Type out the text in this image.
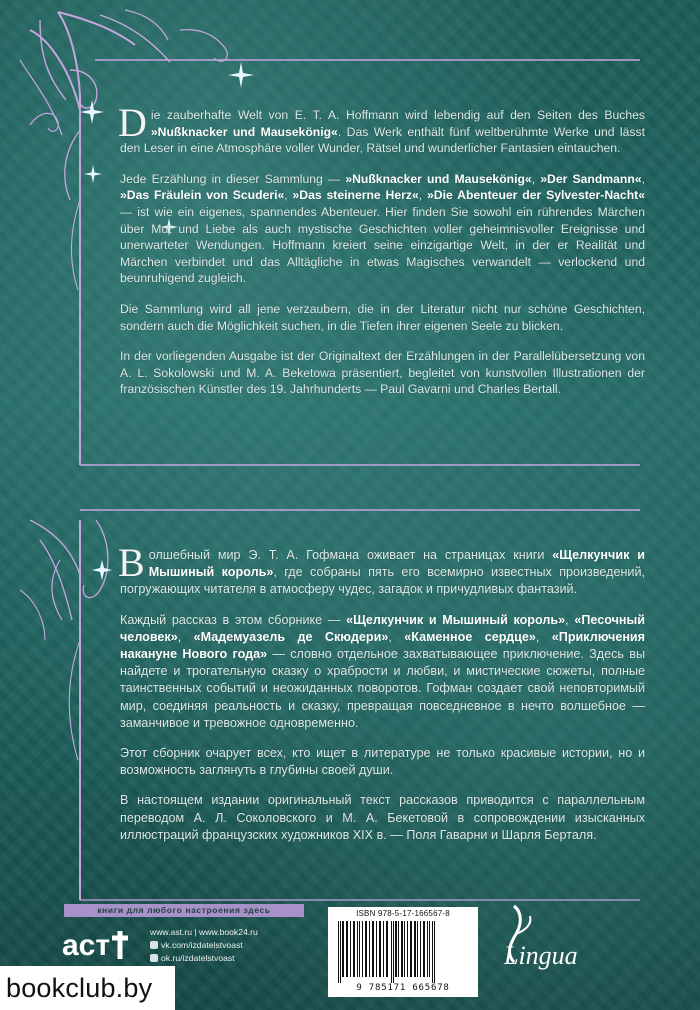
Die zauberhafte Welt von E. T. A. Hoffmann wird lebendig auf den Seiten des Buches »Nußknacker und Mausekönig«. Das Werk enthält fünf weltberühmte Werke und lässt den Leser in eine Atmosphäre voller Wunder, Rätsel und wunderlicher Fantasien eintauchen.

Jede Erzählung in dieser Sammlung — »Nußknacker und Mausekönig«, »Der Sandmann«, »Das Fräulein von Scuderi«, »Das steinerne Herz«, »Die Abenteuer der Sylvester-Nacht« — ist wie ein eigenes, spannendes Abenteuer. Hier finden Sie sowohl ein rührendes Märchen über Mut und Liebe als auch mystische Geschichten voller geheimnisvoller Ereignisse und unerwarteter Wendungen. Hoffmann kreiert seine einzigartige Welt, in der er Realität und Märchen verbindet und das Alltägliche in etwas Magisches verwandelt — verlockend und beunruhigend zugleich.

Die Sammlung wird all jene verzaubern, die in der Literatur nicht nur schöne Geschichten, sondern auch die Möglichkeit suchen, in die Tiefen ihrer eigenen Seele zu blicken.

In der vorliegenden Ausgabe ist der Originaltext der Erzählungen in der Parallelübersetzung von A. L. Sokolowski und M. A. Beketowa präsentiert, begleitet von kunstvollen Illustrationen der französischen Künstler des 19. Jahrhunderts — Paul Gavarni und Charles Bertall.

Волшебный мир Э. Т. А. Гофмана оживает на страницах книги «Щелкунчик и Мышиный король», где собраны пять его всемирно известных произведений, погружающих читателя в атмосферу чудес, загадок и причудливых фантазий.

Каждый рассказ в этом сборнике — «Щелкунчик и Мышиный король», «Песочный человек», «Мадемуазель де Скюдери», «Каменное сердце», «Приключения накануне Нового года» — словно отдельное захватывающее приключение. Здесь вы найдете и трогательную сказку о храбрости и любви, и мистические сюжеты, полные таинственных событий и неожиданных поворотов. Гофман создает свой неповторимый мир, соединяя реальность и сказку, превращая повседневное в нечто волшебное — заманчивое и тревожное одновременно.

Этот сборник очарует всех, кто ищет в литературе не только красивые истории, но и возможность заглянуть в глубины своей души.

В настоящем издании оригинальный текст рассказов приводится с параллельным переводом А. Л. Соколовского и М. А. Бекетовой в сопровождении изысканных иллюстраций французских художников XIX в. — Поля Гаварни и Шарля Берталя.

книги для любого настроения здесь
аст	www.ast.ru | www.book24.ru
vk.com/izdatelstvoast
ok.ru/izdatelstvoast
ISBN 978-5-17-166567-8
9 785171 665678
Lingua
bookclub.by
